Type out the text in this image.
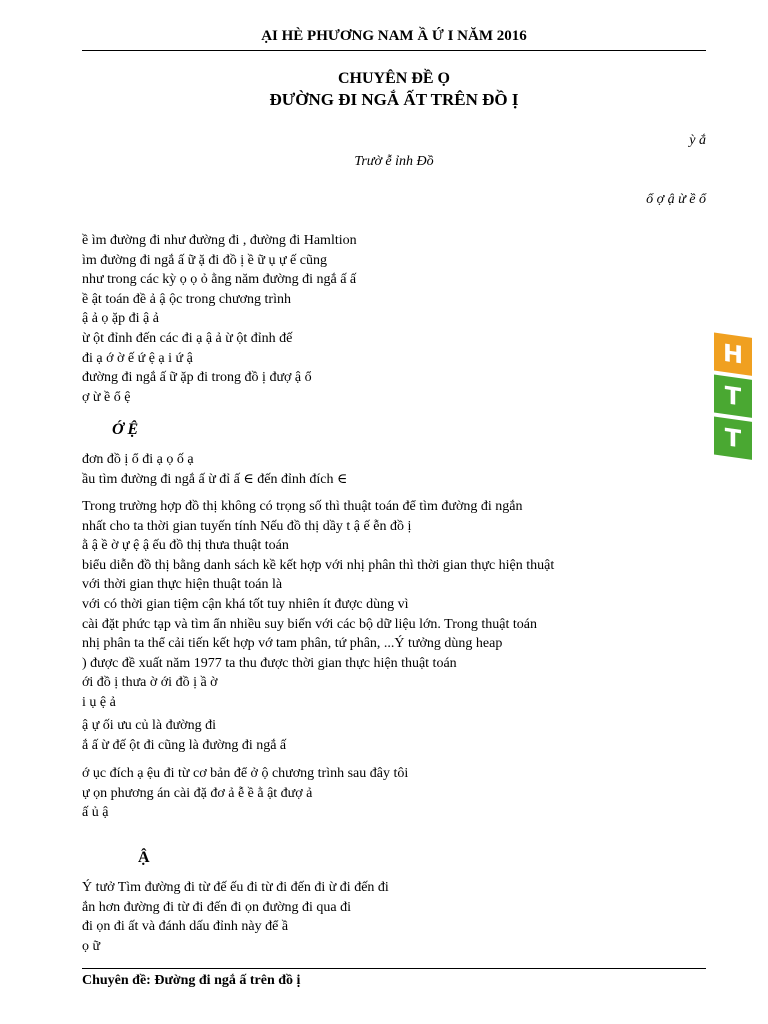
ẠI HÈ PHƯƠNG NAM Ầ Ứ I NĂM 2016
CHUYÊN ĐỀ Ọ
ĐƯỜNG ĐI NGẮ ẤT TRÊN ĐỒ Ị
ỳ ắ
Trườ ễ ỉnh Đồ
ổ ợ ậ ừ ề ổ

ề ìm đường đi như đường đi , đường đi Hamltion

ìm đường đi ngắ ấ ữ ặ đi đồ ị ề ữ ụ ự ế cũng

như trong các kỳ ọ ọ ỏ ằng năm đường đi ngắ ấ ấ

ề ật toán đề ả ậ ộc trong chương trình

ậ ả ọ ặp đi ậ ả

ừ ột đỉnh đến các đi ạ ậ ả ừ ột đỉnh đế

đi ạ ớ ờ ế ứ ệ ạ i ứ ậ

đường đi ngắ ấ ữ ặp đi trong đồ ị đượ ậ ổ

ợ ừ ề ổ ệ

Ớ Ệ

đơn đồ ị ổ đi ạ ọ ố ạ

ầu tìm đường đi ngắ ấ ừ đỉ ấ ∈ đến đỉnh đích ∈

Trong trường hợp đồ thị không có trọng số thì thuật toán để tìm đường đi ngắn

nhất cho ta thời gian tuyến tính Nếu đồ thị dầy t ậ ế ễn đồ ị

ằ ậ ề ờ ự ệ ậ ếu đồ thị thưa thuật toán

biểu diễn đồ thị bằng danh sách kề kết hợp với nhị phân thì thời gian thực hiện thuật

với thời gian thực hiện thuật toán là

với có thời gian tiệm cận khá tốt tuy nhiên ít được dùng vì

cài đặt phức tạp và tìm ẩn nhiều suy biến với các bộ dữ liệu lớn. Trong thuật toán

nhị phân ta thể cải tiến kết hợp vớ tam phân, tứ phân, ...Ý tưởng dùng heap

) được đề xuất năm 1977 ta thu được thời gian thực hiện thuật toán

ới đồ ị thưa ờ ới đồ ị ầ ờ

i ụ ệ ả

ậ ự ối ưu củ là đường đi

ắ ấ ừ đế ột đi cũng là đường đi ngắ ấ

ớ ục đích ạ ệu đi từ cơ bản để ở ộ chương trình sau đây tôi

ự ọn phương án cài đặ đơ ả ễ ề ằ ật đượ ả

ấ ủ ậ

Ậ

Ý tưở Tìm đường đi từ đế ếu đi từ đi đến đi ừ đi đến đi

ắn hơn đường đi từ đi đến đi ọn đường đi qua đi

đi ọn đi ất và đánh dấu đỉnh này để ầ

ọ ữ

Chuyên đề: Đường đi ngắ ấ trên đồ ị
H
T
T
